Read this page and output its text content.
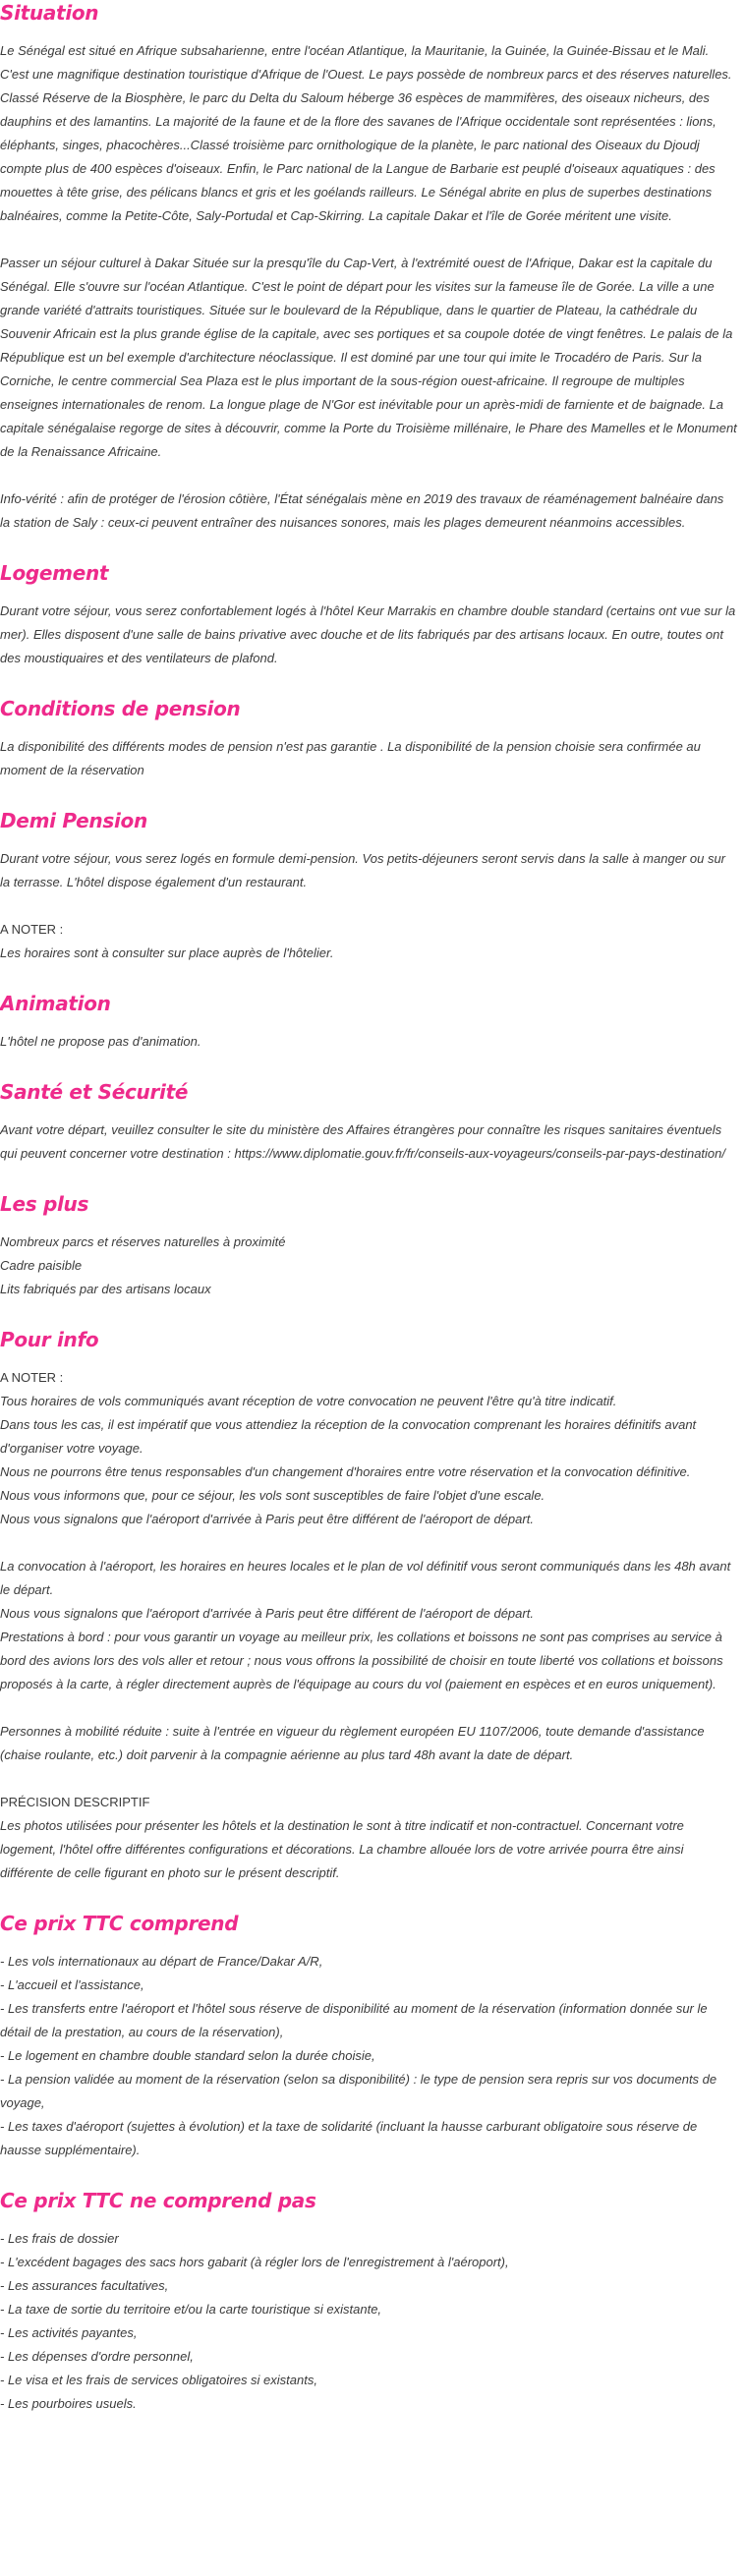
Situation

Le Sénégal est situé en Afrique subsaharienne, entre l'océan Atlantique, la Mauritanie, la Guinée, la Guinée-Bissau et le Mali. C'est une magnifique destination touristique d'Afrique de l'Ouest. Le pays possède de nombreux parcs et des réserves naturelles. Classé Réserve de la Biosphère, le parc du Delta du Saloum héberge 36 espèces de mammifères, des oiseaux nicheurs, des dauphins et des lamantins. La majorité de la faune et de la flore des savanes de l'Afrique occidentale sont représentées : lions, éléphants, singes, phacochères...Classé troisième parc ornithologique de la planète, le parc national des Oiseaux du Djoudj compte plus de 400 espèces d'oiseaux. Enfin, le Parc national de la Langue de Barbarie est peuplé d'oiseaux aquatiques : des mouettes à tête grise, des pélicans blancs et gris et les goélands railleurs. Le Sénégal abrite en plus de superbes destinations balnéaires, comme la Petite-Côte, Saly-Portudal et Cap-Skirring. La capitale Dakar et l'île de Gorée méritent une visite.

Passer un séjour culturel à Dakar Située sur la presqu'île du Cap-Vert, à l'extrémité ouest de l'Afrique, Dakar est la capitale du Sénégal. Elle s'ouvre sur l'océan Atlantique. C'est le point de départ pour les visites sur la fameuse île de Gorée. La ville a une grande variété d'attraits touristiques. Située sur le boulevard de la République, dans le quartier de Plateau, la cathédrale du Souvenir Africain est la plus grande église de la capitale, avec ses portiques et sa coupole dotée de vingt fenêtres. Le palais de la République est un bel exemple d'architecture néoclassique. Il est dominé par une tour qui imite le Trocadéro de Paris. Sur la Corniche, le centre commercial Sea Plaza est le plus important de la sous-région ouest-africaine. Il regroupe de multiples enseignes internationales de renom. La longue plage de N'Gor est inévitable pour un après-midi de farniente et de baignade. La capitale sénégalaise regorge de sites à découvrir, comme la Porte du Troisième millénaire, le Phare des Mamelles et le Monument de la Renaissance Africaine.

Info-vérité : afin de protéger de l'érosion côtière, l'État sénégalais mène en 2019 des travaux de réaménagement balnéaire dans la station de Saly : ceux-ci peuvent entraîner des nuisances sonores, mais les plages demeurent néanmoins accessibles.

Logement

Durant votre séjour, vous serez confortablement logés à l'hôtel Keur Marrakis en chambre double standard (certains ont vue sur la mer). Elles disposent d'une salle de bains privative avec douche et de lits fabriqués par des artisans locaux. En outre, toutes ont des moustiquaires et des ventilateurs de plafond.

Conditions de pension

La disponibilité des différents modes de pension n'est pas garantie . La disponibilité de la pension choisie sera confirmée au moment de la réservation

Demi Pension

Durant votre séjour, vous serez logés en formule demi-pension. Vos petits-déjeuners seront servis dans la salle à manger ou sur la terrasse. L'hôtel dispose également d'un restaurant.

A NOTER :

Les horaires sont à consulter sur place auprès de l'hôtelier.

Animation

L'hôtel ne propose pas d'animation.

Santé et Sécurité

Avant votre départ, veuillez consulter le site du ministère des Affaires étrangères pour connaître les risques sanitaires éventuels qui peuvent concerner votre destination : https://www.diplomatie.gouv.fr/fr/conseils-aux-voyageurs/conseils-par-pays-destination/

Les plus

Nombreux parcs et réserves naturelles à proximité

Cadre paisible

Lits fabriqués par des artisans locaux

Pour info

A NOTER :

Tous horaires de vols communiqués avant réception de votre convocation ne peuvent l'être qu'à titre indicatif.

Dans tous les cas, il est impératif que vous attendiez la réception de la convocation comprenant les horaires définitifs avant d'organiser votre voyage.

Nous ne pourrons être tenus responsables d'un changement d'horaires entre votre réservation et la convocation définitive.

Nous vous informons que, pour ce séjour, les vols sont susceptibles de faire l'objet d'une escale.

Nous vous signalons que l'aéroport d'arrivée à Paris peut être différent de l'aéroport de départ.

La convocation à l'aéroport, les horaires en heures locales et le plan de vol définitif vous seront communiqués dans les 48h avant le départ.

Nous vous signalons que l'aéroport d'arrivée à Paris peut être différent de l'aéroport de départ.

Prestations à bord : pour vous garantir un voyage au meilleur prix, les collations et boissons ne sont pas comprises au service à bord des avions lors des vols aller et retour ; nous vous offrons la possibilité de choisir en toute liberté vos collations et boissons proposés à la carte, à régler directement auprès de l'équipage au cours du vol (paiement en espèces et en euros uniquement).

Personnes à mobilité réduite : suite à l'entrée en vigueur du règlement européen EU 1107/2006, toute demande d'assistance (chaise roulante, etc.) doit parvenir à la compagnie aérienne au plus tard 48h avant la date de départ.

PRÉCISION DESCRIPTIF

Les photos utilisées pour présenter les hôtels et la destination le sont à titre indicatif et non-contractuel. Concernant votre logement, l'hôtel offre différentes configurations et décorations. La chambre allouée lors de votre arrivée pourra être ainsi différente de celle figurant en photo sur le présent descriptif.

Ce prix TTC comprend

- Les vols internationaux au départ de France/Dakar A/R,

- L'accueil et l'assistance,

- Les transferts entre l'aéroport et l'hôtel sous réserve de disponibilité au moment de la réservation (information donnée sur le détail de la prestation, au cours de la réservation),

- Le logement en chambre double standard selon la durée choisie,

- La pension validée au moment de la réservation (selon sa disponibilité) : le type de pension sera repris sur vos documents de voyage,

- Les taxes d'aéroport (sujettes à évolution) et la taxe de solidarité (incluant la hausse carburant obligatoire sous réserve de hausse supplémentaire).

Ce prix TTC ne comprend pas

- Les frais de dossier

- L'excédent bagages des sacs hors gabarit (à régler lors de l'enregistrement à l'aéroport),

- Les assurances facultatives,

- La taxe de sortie du territoire et/ou la carte touristique si existante,

- Les activités payantes,

- Les dépenses d'ordre personnel,

- Le visa et les frais de services obligatoires si existants,

- Les pourboires usuels.
